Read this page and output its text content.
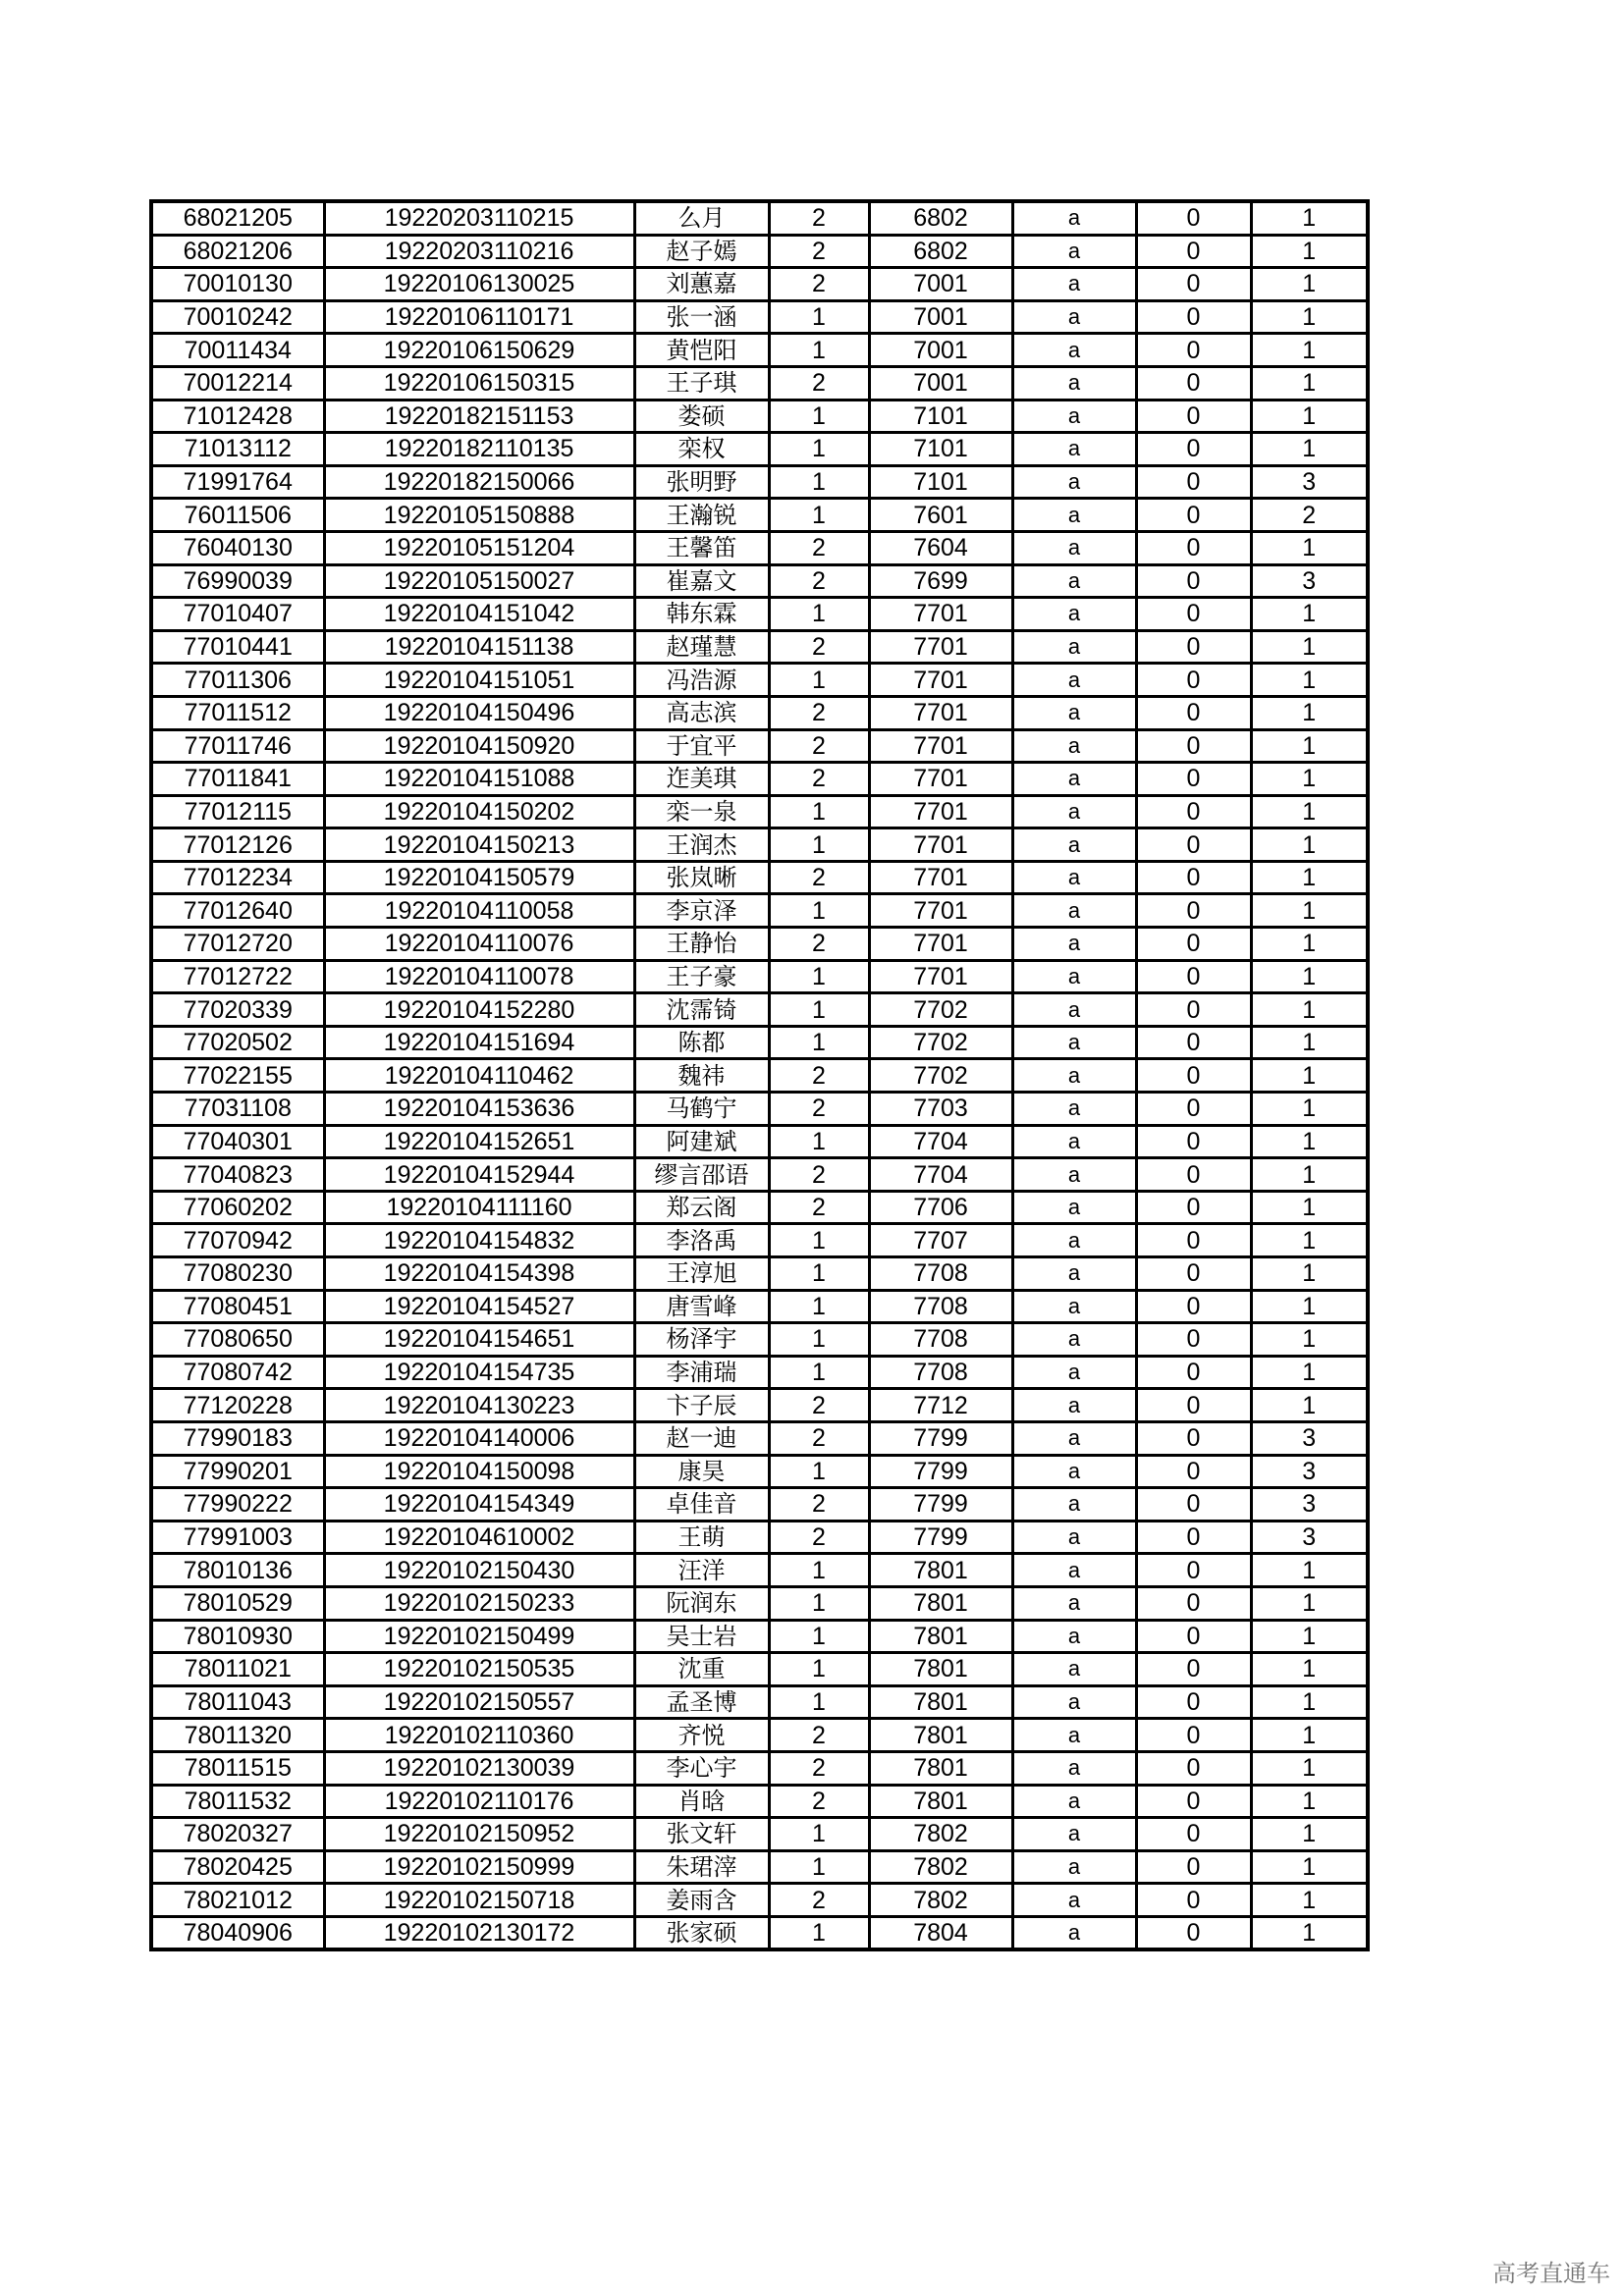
68021205	19220203110215	么月	2	6802	a	0	1
68021206	19220203110216	赵子嫣	2	6802	a	0	1
70010130	19220106130025	刘蕙嘉	2	7001	a	0	1
70010242	19220106110171	张一涵	1	7001	a	0	1
70011434	19220106150629	黄恺阳	1	7001	a	0	1
70012214	19220106150315	王子琪	2	7001	a	0	1
71012428	19220182151153	娄硕	1	7101	a	0	1
71013112	19220182110135	栾权	1	7101	a	0	1
71991764	19220182150066	张明野	1	7101	a	0	3
76011506	19220105150888	王瀚锐	1	7601	a	0	2
76040130	19220105151204	王馨笛	2	7604	a	0	1
76990039	19220105150027	崔嘉文	2	7699	a	0	3
77010407	19220104151042	韩东霖	1	7701	a	0	1
77010441	19220104151138	赵瑾慧	2	7701	a	0	1
77011306	19220104151051	冯浩源	1	7701	a	0	1
77011512	19220104150496	高志滨	2	7701	a	0	1
77011746	19220104150920	于宜平	2	7701	a	0	1
77011841	19220104151088	迮美琪	2	7701	a	0	1
77012115	19220104150202	栾一泉	1	7701	a	0	1
77012126	19220104150213	王润杰	1	7701	a	0	1
77012234	19220104150579	张岚晰	2	7701	a	0	1
77012640	19220104110058	李京泽	1	7701	a	0	1
77012720	19220104110076	王静怡	2	7701	a	0	1
77012722	19220104110078	王子豪	1	7701	a	0	1
77020339	19220104152280	沈霈锜	1	7702	a	0	1
77020502	19220104151694	陈都	1	7702	a	0	1
77022155	19220104110462	魏祎	2	7702	a	0	1
77031108	19220104153636	马鹤宁	2	7703	a	0	1
77040301	19220104152651	阿建斌	1	7704	a	0	1
77040823	19220104152944	缪言邵语	2	7704	a	0	1
77060202	19220104111160	郑云阁	2	7706	a	0	1
77070942	19220104154832	李洛禹	1	7707	a	0	1
77080230	19220104154398	王淳旭	1	7708	a	0	1
77080451	19220104154527	唐雪峰	1	7708	a	0	1
77080650	19220104154651	杨泽宇	1	7708	a	0	1
77080742	19220104154735	李浦瑞	1	7708	a	0	1
77120228	19220104130223	卞子辰	2	7712	a	0	1
77990183	19220104140006	赵一迪	2	7799	a	0	3
77990201	19220104150098	康昊	1	7799	a	0	3
77990222	19220104154349	卓佳音	2	7799	a	0	3
77991003	19220104610002	王萌	2	7799	a	0	3
78010136	19220102150430	汪洋	1	7801	a	0	1
78010529	19220102150233	阮润东	1	7801	a	0	1
78010930	19220102150499	吴士岩	1	7801	a	0	1
78011021	19220102150535	沈重	1	7801	a	0	1
78011043	19220102150557	孟圣博	1	7801	a	0	1
78011320	19220102110360	齐悦	2	7801	a	0	1
78011515	19220102130039	李心宇	2	7801	a	0	1
78011532	19220102110176	肖晗	2	7801	a	0	1
78020327	19220102150952	张文轩	1	7802	a	0	1
78020425	19220102150999	朱珺滓	1	7802	a	0	1
78021012	19220102150718	姜雨含	2	7802	a	0	1
78040906	19220102130172	张家硕	1	7804	a	0	1
高考直通车
